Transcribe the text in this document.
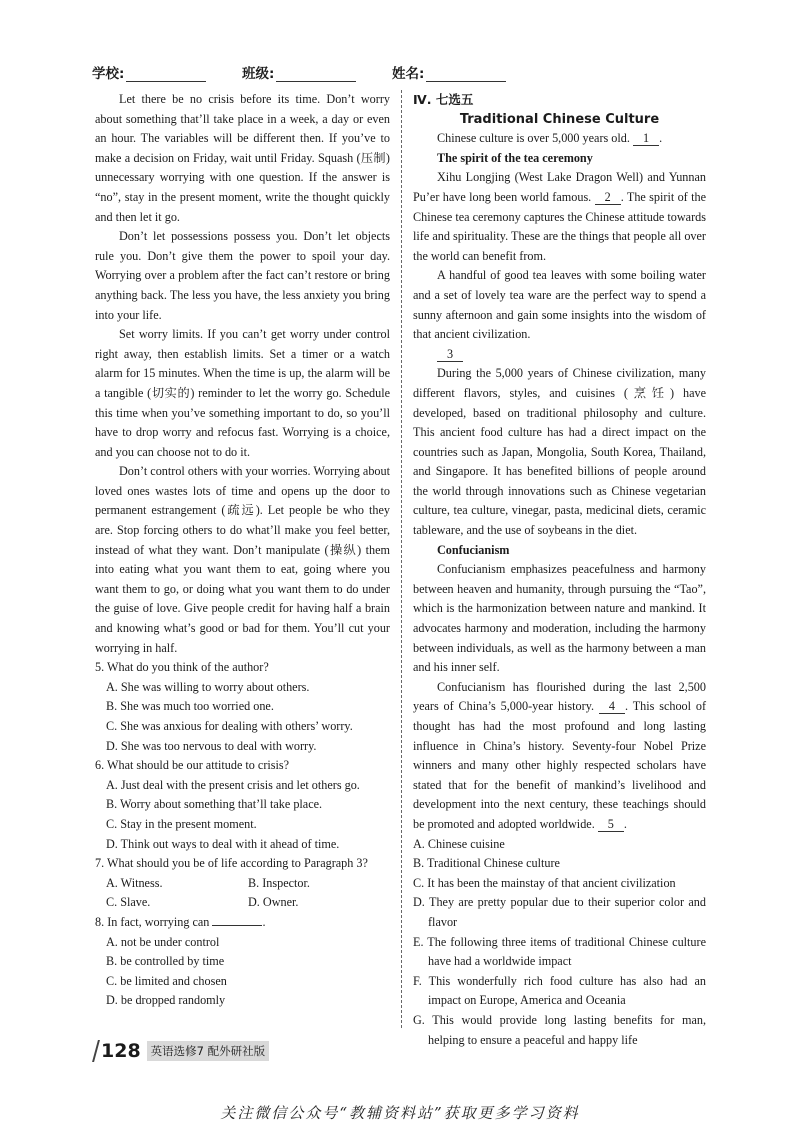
学校:	班级:	姓名:

Let there be no crisis before its time. Don’t worry about something that’ll take place in a week, a day or even an hour. The variables will be different then. If you’ve to make a decision on Friday, wait until Friday. Squash (压制) unnecessary worrying with one question. If the answer is “no”, stay in the present moment, write the thought quickly and then let it go.

Don’t let possessions possess you. Don’t let objects rule you. Don’t give them the power to spoil your day. Worrying over a problem after the fact can’t restore or bring anything back. The less you have, the less anxiety you bring into your life.

Set worry limits. If you can’t get worry under control right away, then establish limits. Set a timer or a watch alarm for 15 minutes. When the time is up, the alarm will be a tangible (切实的) reminder to let the worry go. Schedule this time when you’ve something important to do, so you’ll have to drop worry and refocus fast. Worrying is a choice, and you can choose not to do it.

Don’t control others with your worries. Worrying about loved ones wastes lots of time and opens up the door to permanent estrangement (疏远). Let people be who they are. Stop forcing others to do what’ll make you feel better, instead of what they want. Don’t manipulate (操纵) them into eating what you want them to eat, going where you want them to go, or doing what you want them to do under the guise of love. Give people credit for having half a brain and knowing what’s good or bad for them. You’ll cut your worrying in half.

5. What do you think of the author?

A. She was willing to worry about others.

B. She was much too worried one.

C. She was anxious for dealing with others’ worry.

D. She was too nervous to deal with worry.

6. What should be our attitude to crisis?

A. Just deal with the present crisis and let others go.

B. Worry about something that’ll take place.

C. Stay in the present moment.

D. Think out ways to deal with it ahead of time.

7. What should you be of life according to Paragraph 3?

A. Witness.	B. Inspector.
C. Slave.	D. Owner.

8. In fact, worrying can	.

A. not be under control

B. be controlled by time

C. be limited and chosen

D. be dropped randomly

Ⅳ. 七选五

Traditional Chinese Culture

Chinese culture is over 5,000 years old. 1 .

The spirit of the tea ceremony

Xihu Longjing (West Lake Dragon Well) and Yunnan Pu’er have long been world famous. 2 . The spirit of the Chinese tea ceremony captures the Chinese attitude towards life and spirituality. These are the things that people all over the world can benefit from.

A handful of good tea leaves with some boiling water and a set of lovely tea ware are the perfect way to spend a sunny afternoon and gain some insights into the wisdom of that ancient civilization.

3

During the 5,000 years of Chinese civilization, many different flavors, styles, and cuisines (烹饪) have developed, based on traditional philosophy and culture. This ancient food culture has had a direct impact on the countries such as Japan, Mongolia, South Korea, Thailand, and Singapore. It has benefited billions of people around the world through innovations such as Chinese vegetarian culture, tea culture, vinegar, pasta, medicinal diets, ceramic tableware, and the use of soybeans in the diet.

Confucianism

Confucianism emphasizes peacefulness and harmony between heaven and humanity, through pursuing the “Tao”, which is the harmonization between nature and mankind. It advocates harmony and moderation, including the harmony between individuals, as well as the harmony between a man and his inner self.

Confucianism has flourished during the last 2,500 years of China’s 5,000-year history. 4 . This school of thought has had the most profound and long lasting influence in China’s history. Seventy-four Nobel Prize winners and many other highly respected scholars have stated that for the benefit of mankind’s livelihood and development into the next century, these teachings should be promoted and adopted worldwide. 5 .

A. Chinese cuisine

B. Traditional Chinese culture

C. It has been the mainstay of that ancient civilization

D. They are pretty popular due to their superior color and flavor

E. The following three items of traditional Chinese culture have had a worldwide impact

F. This wonderfully rich food culture has also had an impact on Europe, America and Oceania

G. This would provide long lasting benefits for man, helping to ensure a peaceful and happy life

128 英语选修7 配外研社版
关注微信公众号“教辅资料站”获取更多学习资料
